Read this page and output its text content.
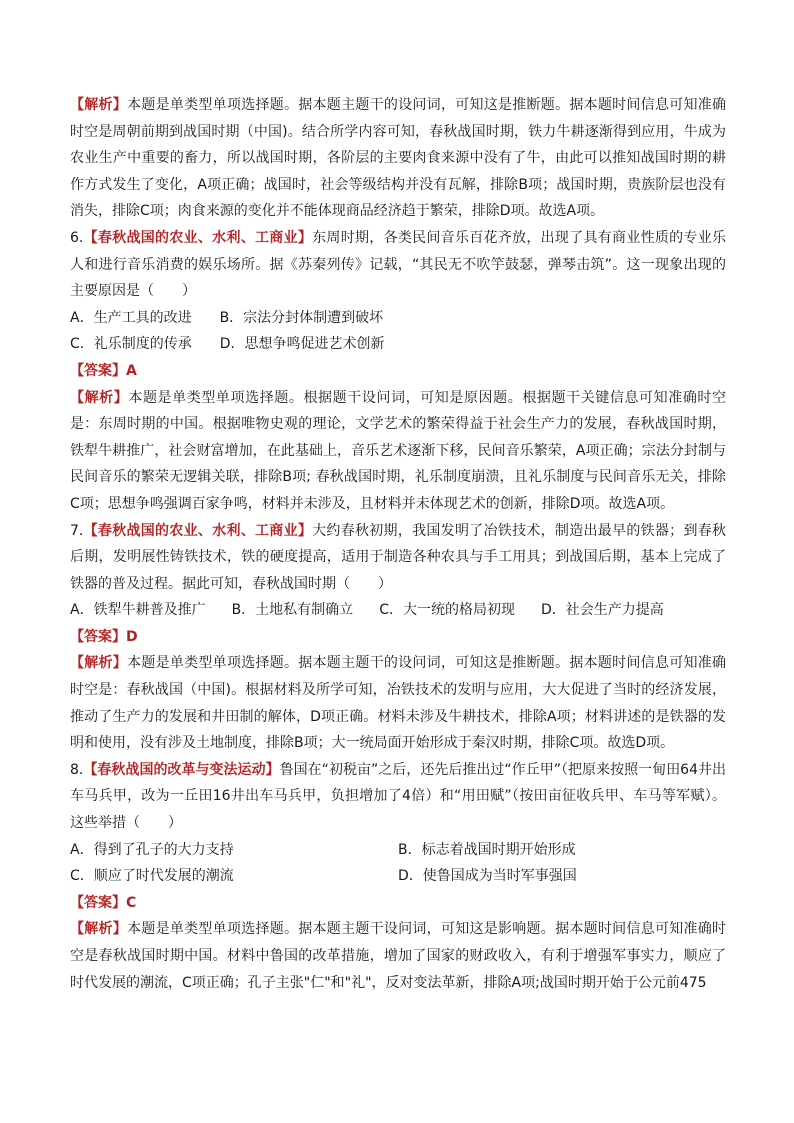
【解析】本题是单类型单项选择题。据本题主题干的设问词，可知这是推断题。据本题时间信息可知准确时空是周朝前期到战国时期（中国)。结合所学内容可知，春秋战国时期，铁力牛耕逐渐得到应用，牛成为农业生产中重要的畜力，所以战国时期，各阶层的主要肉食来源中没有了牛，由此可以推知战国时期的耕作方式发生了变化，A项正确；战国时，社会等级结构并没有瓦解，排除B项；战国时期，贵族阶层也没有消失，排除C项；肉食来源的变化并不能体现商品经济趋于繁荣，排除D项。故选A项。

6.【春秋战国的农业、水利、工商业】东周时期，各类民间音乐百花齐放，出现了具有商业性质的专业乐人和进行音乐消费的娱乐场所。据《苏秦列传》记载，“其民无不吹竽鼓瑟，弹琴击筑”。这一现象出现的主要原因是（　　）

A．生产工具的改进 B．宗法分封体制遭到破坏
C．礼乐制度的传承 D．思想争鸣促进艺术创新

【答案】A

【解析】本题是单类型单项选择题。根据题干设问词，可知是原因题。根据题干关键信息可知准确时空是：东周时期的中国。根据唯物史观的理论，文学艺术的繁荣得益于社会生产力的发展，春秋战国时期，铁犁牛耕推广，社会财富增加，在此基础上，音乐艺术逐渐下移，民间音乐繁荣，A项正确；宗法分封制与民间音乐的繁荣无逻辑关联，排除B项; 春秋战国时期，礼乐制度崩溃，且礼乐制度与民间音乐无关，排除C项；思想争鸣强调百家争鸣，材料并未涉及，且材料并未体现艺术的创新，排除D项。故选A项。

7.【春秋战国的农业、水利、工商业】大约春秋初期，我国发明了冶铁技术，制造出最早的铁器；到春秋后期，发明展性铸铁技术，铁的硬度提高，适用于制造各种农具与手工用具；到战国后期，基本上完成了铁器的普及过程。据此可知，春秋战国时期（　　）

A．铁犁牛耕普及推广 B．土地私有制确立 C．大一统的格局初现 D．社会生产力提高

【答案】D

【解析】本题是单类型单项选择题。据本题主题干的设问词，可知这是推断题。据本题时间信息可知准确时空是：春秋战国（中国)。根据材料及所学可知，冶铁技术的发明与应用，大大促进了当时的经济发展，推动了生产力的发展和井田制的解体，D项正确。材料未涉及牛耕技术，排除A项；材料讲述的是铁器的发明和使用，没有涉及土地制度，排除B项；大一统局面开始形成于秦汉时期，排除C项。故选D项。

8.【春秋战国的改革与变法运动】鲁国在“初税亩”之后，还先后推出过“作丘甲”（把原来按照一甸田64井出车马兵甲，改为一丘田16井出车马兵甲，负担增加了4倍）和“用田赋”（按田亩征收兵甲、车马等军赋）。这些举措（　　）

A．得到了孔子的大力支持	B．标志着战国时期开始形成
C．顺应了时代发展的潮流	D．使鲁国成为当时军事强国

【答案】C

【解析】本题是单类型单项选择题。据本题主题干设问词，可知这是影响题。据本题时间信息可知准确时空是春秋战国时期中国。材料中鲁国的改革措施，增加了国家的财政收入，有利于增强军事实力，顺应了时代发展的潮流，C项正确；孔子主张"仁"和"礼"，反对变法革新，排除A项;战国时期开始于公元前475
